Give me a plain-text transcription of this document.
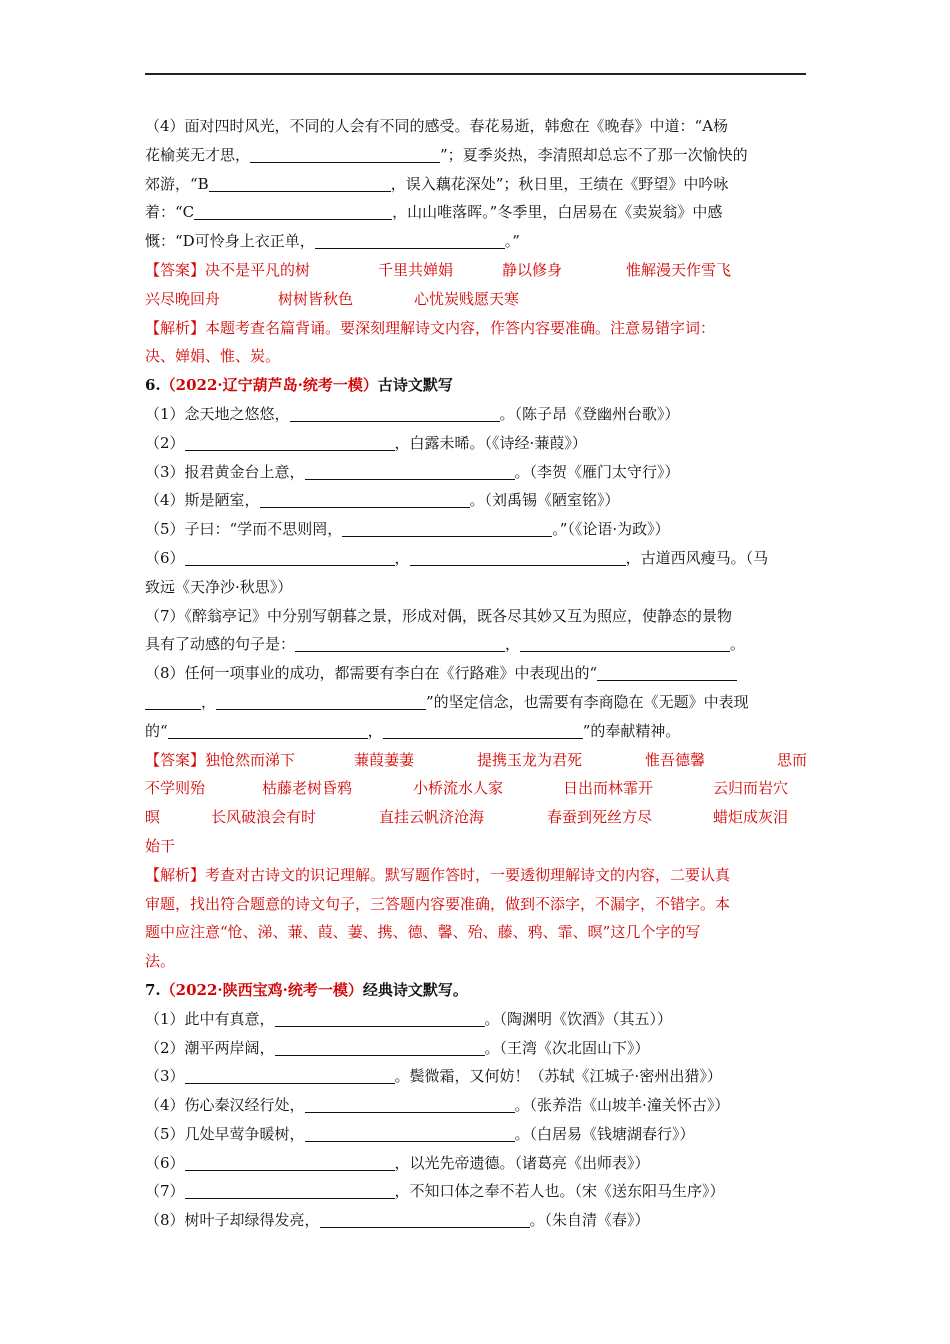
（4）面对四时风光，不同的人会有不同的感受。春花易逝，韩愈在《晚春》中道：“A杨
花榆荚无才思，	”；夏季炎热，李清照却总忘不了那一次愉快的
郊游，“B	，误入藕花深处”；秋日里，王绩在《野望》中吟咏
着：“C	，山山唯落晖。”冬季里，白居易在《卖炭翁》中感
慨：“D可怜身上衣正单，	。”
【答案】决不是平凡的树	千里共婵娟	静以修身	惟解漫天作雪飞
兴尽晚回舟	树树皆秋色	心忧炭贱愿天寒
【解析】本题考查名篇背诵。要深刻理解诗文内容，作答内容要准确。注意易错字词：
决、婵娟、惟、炭。
6.（2022·辽宁葫芦岛·统考一模）古诗文默写
（1）念天地之悠悠，	。（陈子昂《登幽州台歌》）
（2）	，白露未晞。（《诗经·蒹葭》）
（3）报君黄金台上意，	。（李贺《雁门太守行》）
（4）斯是陋室，	。（刘禹锡《陋室铭》）
（5）子曰：“学而不思则罔，	。”（《论语·为政》）
（6）	，	，古道西风瘦马。（马
致远《天净沙·秋思》）
（7）《醉翁亭记》中分别写朝暮之景，形成对偶，既各尽其妙又互为照应，使静态的景物
具有了动感的句子是：	，	。
（8）任何一项事业的成功，都需要有李白在《行路难》中表现出的“
，	”的坚定信念，也需要有李商隐在《无题》中表现
的“	，	”的奉献精神。
【答案】独怆然而涕下	蒹葭萋萋	提携玉龙为君死	惟吾德馨	思而
不学则殆	枯藤老树昏鸦	小桥流水人家	日出而林霏开	云归而岩穴
暝	长风破浪会有时	直挂云帆济沧海	春蚕到死丝方尽	蜡炬成灰泪
始干
【解析】考查对古诗文的识记理解。默写题作答时，一要透彻理解诗文的内容，二要认真
审题，找出符合题意的诗文句子，三答题内容要准确，做到不添字，不漏字，不错字。本
题中应注意“怆、涕、蒹、葭、萋、携、德、馨、殆、藤、鸦、霏、暝”这几个字的写
法。
7.（2022·陕西宝鸡·统考一模）经典诗文默写。
（1）此中有真意，	。（陶渊明《饮酒》（其五））
（2）潮平两岸阔，	。（王湾《次北固山下》）
（3）	。鬓微霜，又何妨！（苏轼《江城子·密州出猎》）
（4）伤心秦汉经行处，	。（张养浩《山坡羊·潼关怀古》）
（5）几处早莺争暖树，	。（白居易《钱塘湖春行》）
（6）	，以光先帝遗德。（诸葛亮《出师表》）
（7）	，不知口体之奉不若人也。（宋《送东阳马生序》）
（8）树叶子却绿得发亮，	。（朱自清《春》）
